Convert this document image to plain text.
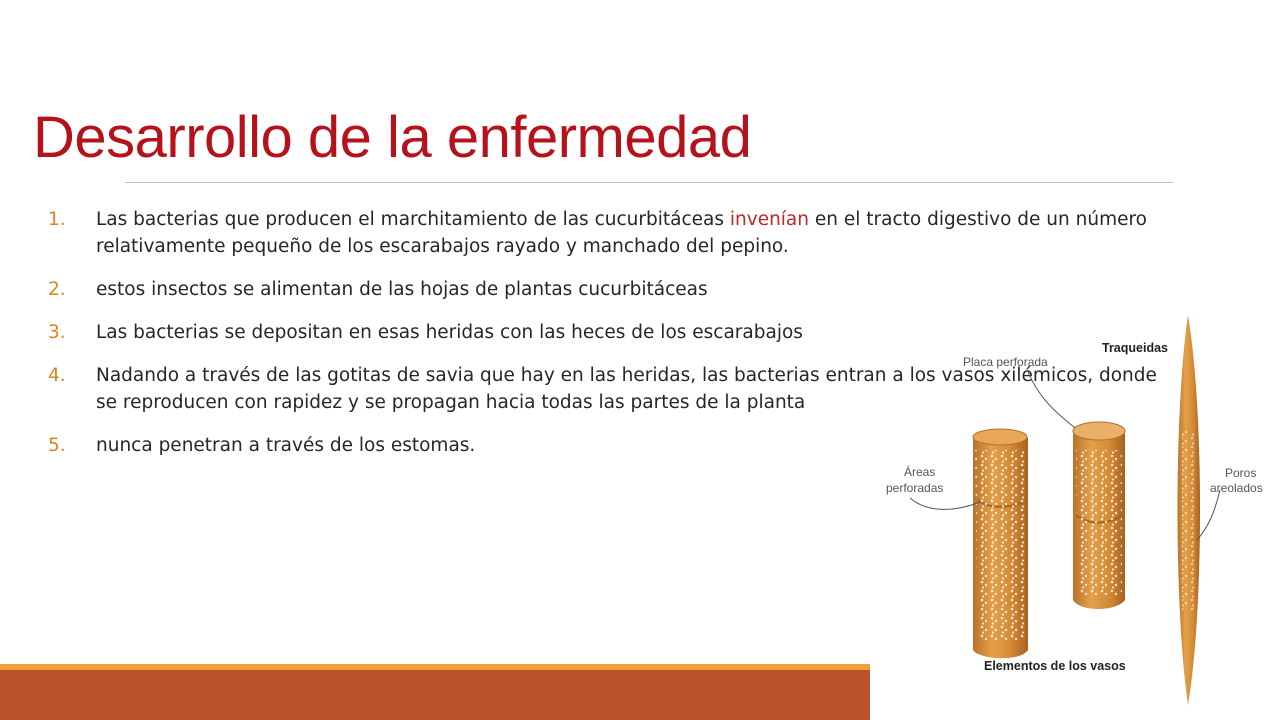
Desarrollo de la enfermedad
1. Las bacterias que producen el marchitamiento de las cucurbitáceas invenían en el tracto digestivo de un número relativamente pequeño de los escarabajos rayado y manchado del pepino.
2. estos insectos se alimentan de las hojas de plantas cucurbitáceas
3. Las bacterias se depositan en esas heridas con las heces de los escarabajos
4. Nadando a través de las gotitas de savia que hay en las heridas, las bacterias entran a los vasos xilémicos, donde se reproducen con rapidez y se propagan hacia todas las partes de la planta
5. nunca penetran a través de los estomas.
Traqueidas
Placa perforada
Áreas
perforadas
Poros
areolados
Elementos de los vasos
